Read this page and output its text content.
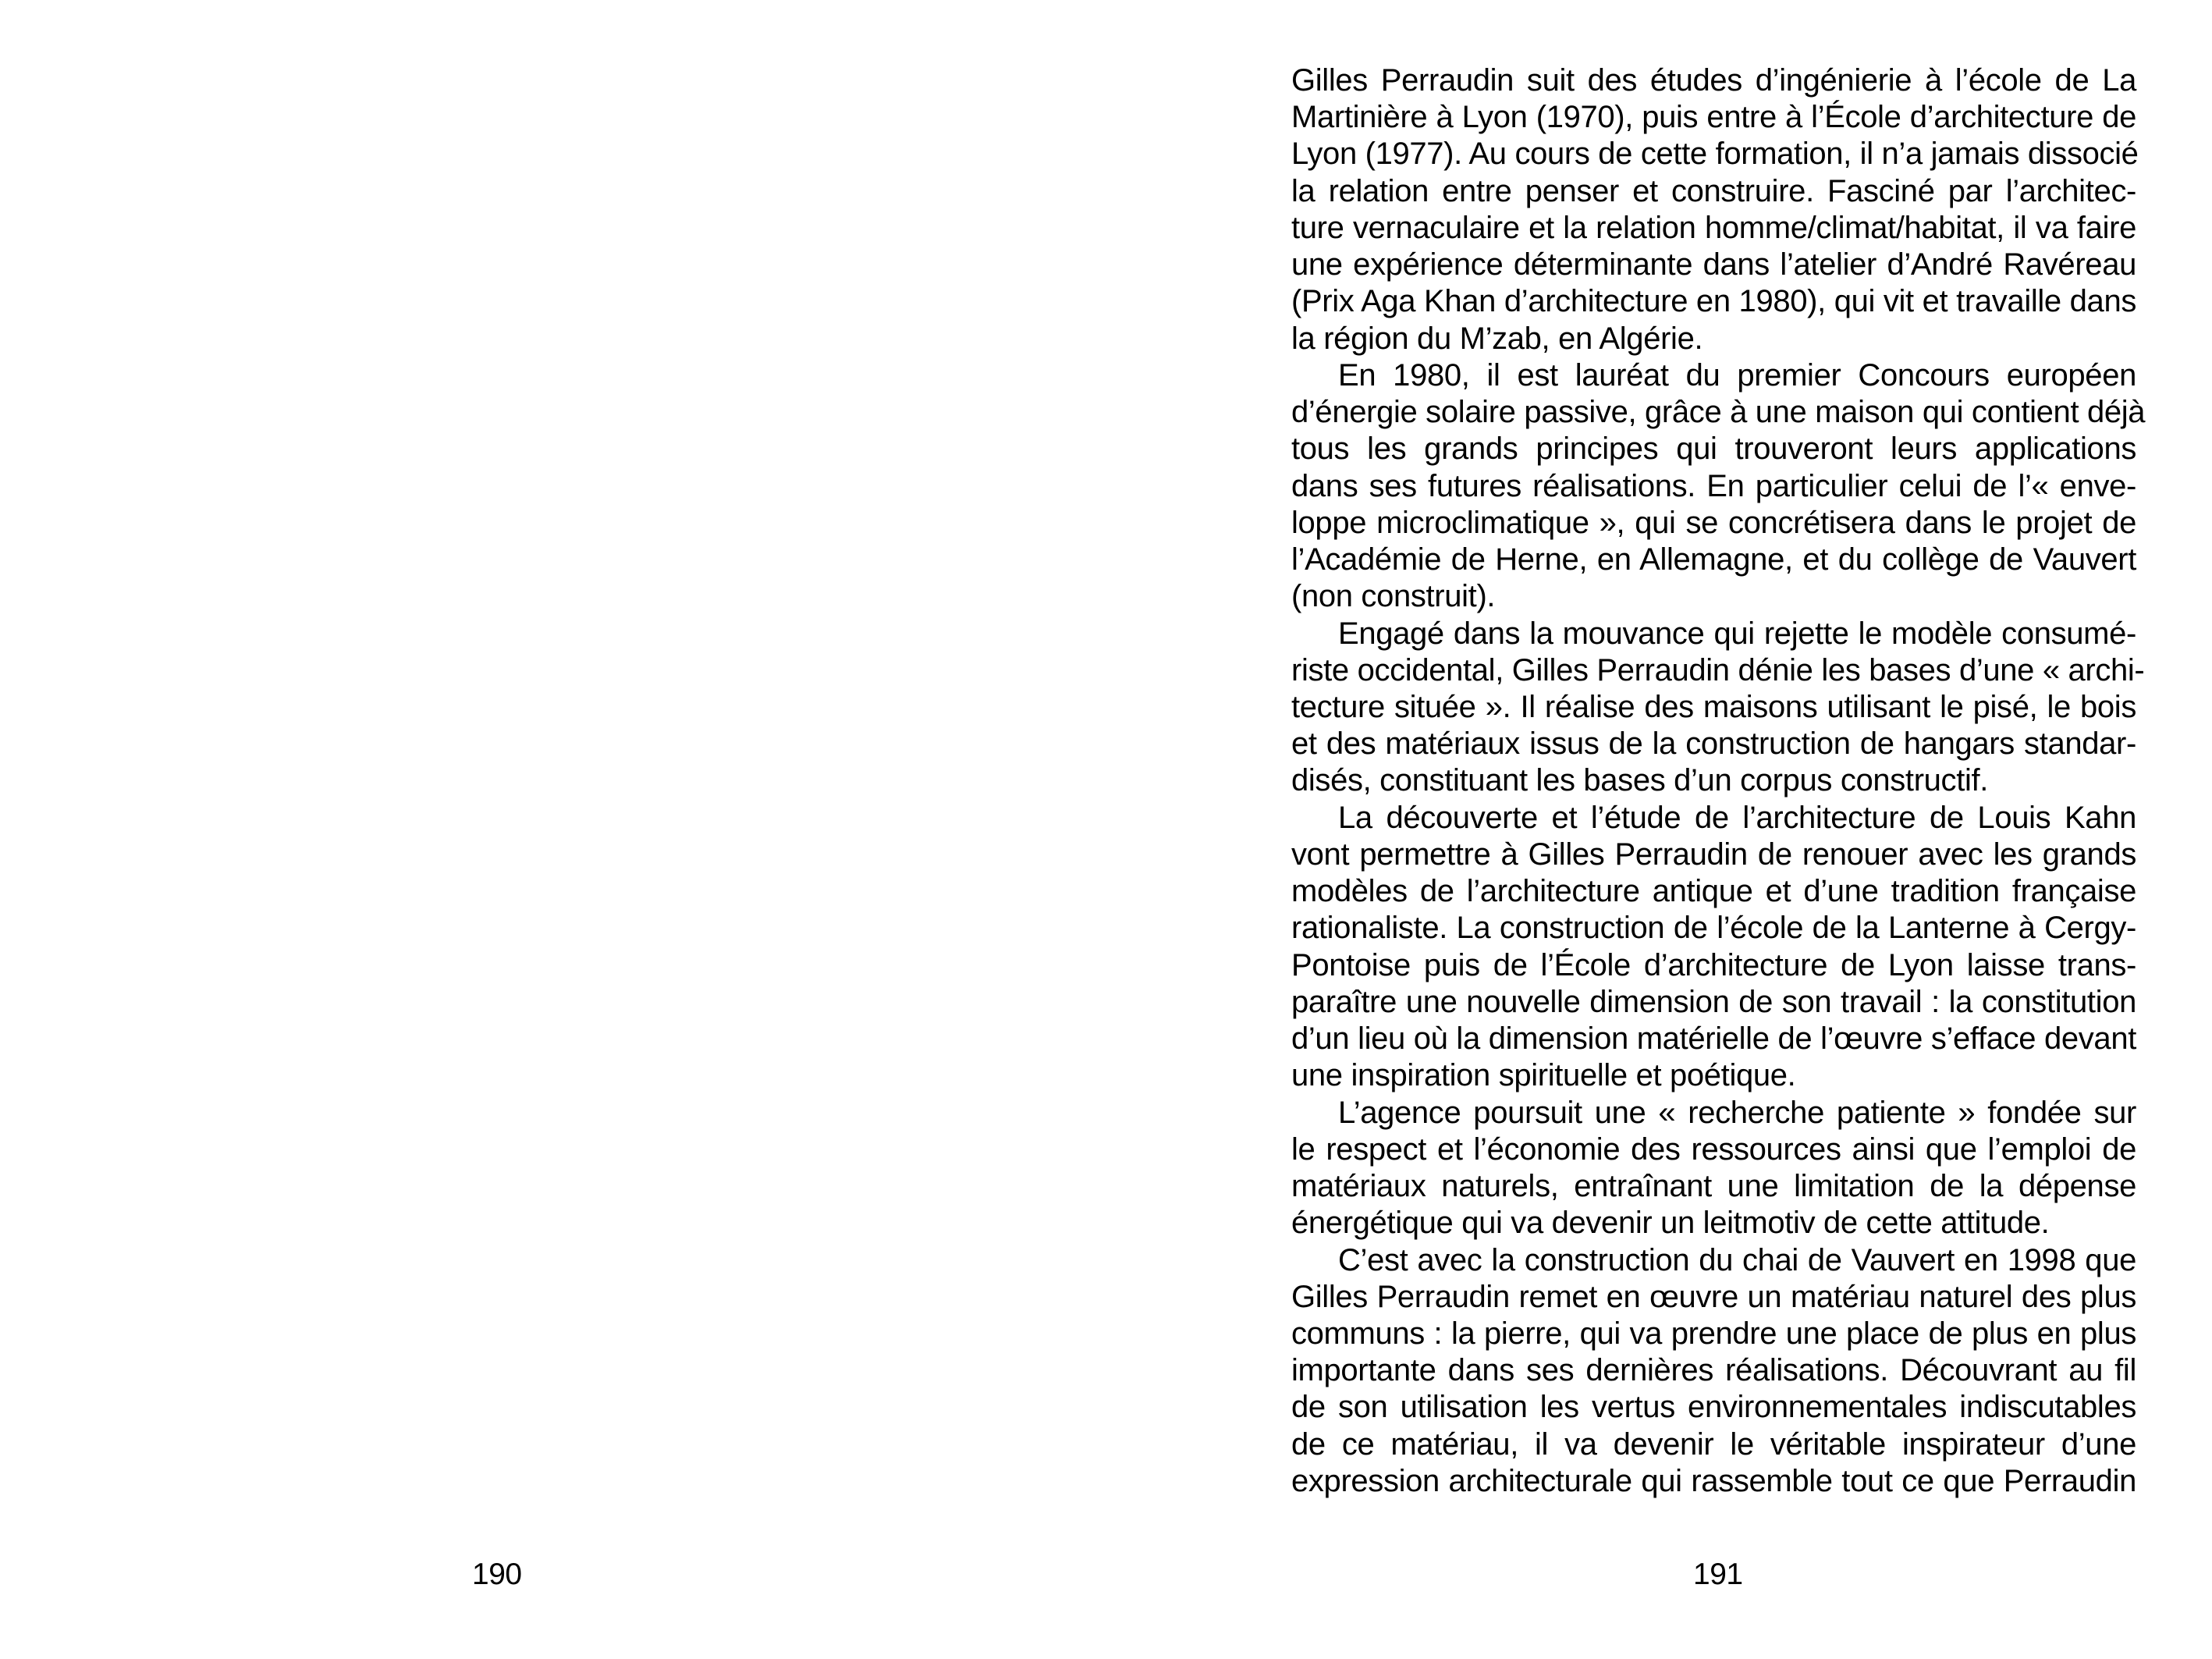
190

Gilles Perraudin suit des études d’ingénierie à l’école de La
Martinière à Lyon (1970), puis entre à l’École d’architecture de
Lyon (1977). Au cours de cette formation, il n’a jamais dissocié
la relation entre penser et construire. Fasciné par l’architec-
ture vernaculaire et la relation homme/climat/habitat, il va faire
une expérience déterminante dans l’atelier d’André Ravéreau
(Prix Aga Khan d’architecture en 1980), qui vit et travaille dans
la région du M’zab, en Algérie.

En 1980, il est lauréat du premier Concours européen
d’énergie solaire passive, grâce à une maison qui contient déjà
tous les grands principes qui trouveront leurs applications
dans ses futures réalisations. En particulier celui de l’« enve-
loppe microclimatique », qui se concrétisera dans le projet de
l’Académie de Herne, en Allemagne, et du collège de Vauvert
(non construit).

Engagé dans la mouvance qui rejette le modèle consumé-
riste occidental, Gilles Perraudin dénie les bases d’une « archi-
tecture située ». Il réalise des maisons utilisant le pisé, le bois
et des matériaux issus de la construction de hangars standar-
disés, constituant les bases d’un corpus constructif.

La découverte et l’étude de l’architecture de Louis Kahn
vont permettre à Gilles Perraudin de renouer avec les grands
modèles de l’architecture antique et d’une tradition française
rationaliste. La construction de l’école de la Lanterne à Cergy-
Pontoise puis de l’École d’architecture de Lyon laisse trans-
paraître une nouvelle dimension de son travail : la constitution
d’un lieu où la dimension matérielle de l’œuvre s’efface devant
une inspiration spirituelle et poétique.

L’agence poursuit une « recherche patiente » fondée sur
le respect et l’économie des ressources ainsi que l’emploi de
matériaux naturels, entraînant une limitation de la dépense
énergétique qui va devenir un leitmotiv de cette attitude.

C’est avec la construction du chai de Vauvert en 1998 que
Gilles Perraudin remet en œuvre un matériau naturel des plus
communs : la pierre, qui va prendre une place de plus en plus
importante dans ses dernières réalisations. Découvrant au fil
de son utilisation les vertus environnementales indiscutables
de ce matériau, il va devenir le véritable inspirateur d’une
expression architecturale qui rassemble tout ce que Perraudin

191
